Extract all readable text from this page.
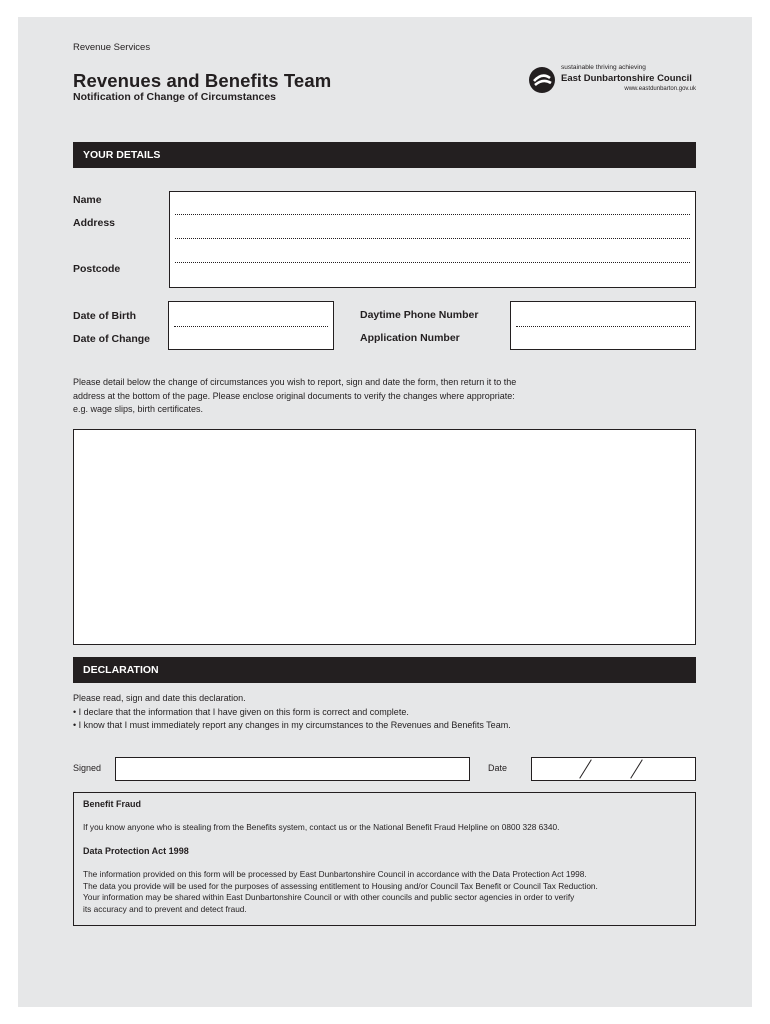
Revenue Services
Revenues and Benefits Team
Notification of Change of Circumstances
sustainable thriving achieving
East Dunbartonshire Council
www.eastdunbarton.gov.uk
YOUR DETAILS
Name
Address
Postcode
Date of Birth
Date of Change
Daytime Phone Number
Application Number
Please detail below the change of circumstances you wish to report, sign and date the form, then return it to the
address at the bottom of the page. Please enclose original documents to verify the changes where appropriate:
e.g. wage slips, birth certificates.
DECLARATION
Please read, sign and date this declaration.
• I declare that the information that I have given on this form is correct and complete.
• I know that I must immediately report any changes in my circumstances to the Revenues and Benefits Team.
Signed	Date
Benefit Fraud
If you know anyone who is stealing from the Benefits system, contact us or the National Benefit Fraud Helpline on 0800 328 6340.
Data Protection Act 1998
The information provided on this form will be processed by East Dunbartonshire Council in accordance with the Data Protection Act 1998.
The data you provide will be used for the purposes of assessing entitlement to Housing and/or Council Tax Benefit or Council Tax Reduction.
Your information may be shared within East Dunbartonshire Council or with other councils and public sector agencies in order to verify
its accuracy and to prevent and detect fraud.
